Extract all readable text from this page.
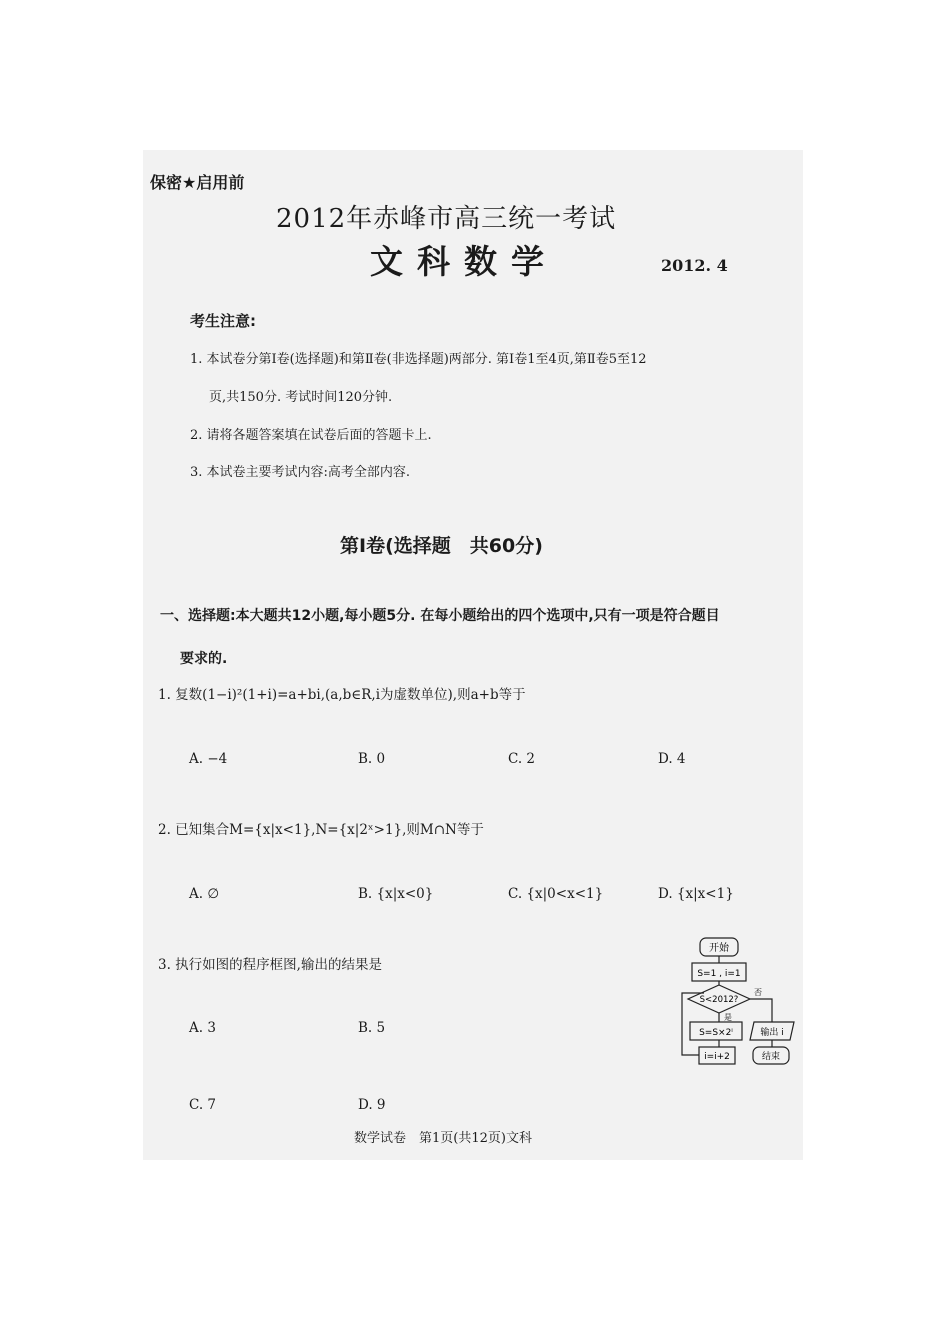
保密★启用前
2012年赤峰市高三统一考试
文科数学	2012. 4
考生注意:
1. 本试卷分第Ⅰ卷(选择题)和第Ⅱ卷(非选择题)两部分. 第Ⅰ卷1至4页,第Ⅱ卷5至12
页,共150分. 考试时间120分钟.
2. 请将各题答案填在试卷后面的答题卡上.
3. 本试卷主要考试内容:高考全部内容.
第Ⅰ卷(选择题　共60分)
一、选择题:本大题共12小题,每小题5分. 在每小题给出的四个选项中,只有一项是符合题目
要求的.
1. 复数(1−i)²(1+i)=a+bi,(a,b∈R,i为虚数单位),则a+b等于
A. −4	B. 0	C. 2	D. 4
2. 已知集合M={x|x<1},N={x|2ˣ>1},则M∩N等于
A. ∅	B. {x|x<0}	C. {x|0<x<1}	D. {x|x<1}
3. 执行如图的程序框图,输出的结果是
A. 3	B. 5
C. 7	D. 9
开始
S=1 , i=1
S<2012?
是
否
S=S×2ⁱ	输出 i
i=i+2	结束
数学试卷　第1页(共12页)文科
